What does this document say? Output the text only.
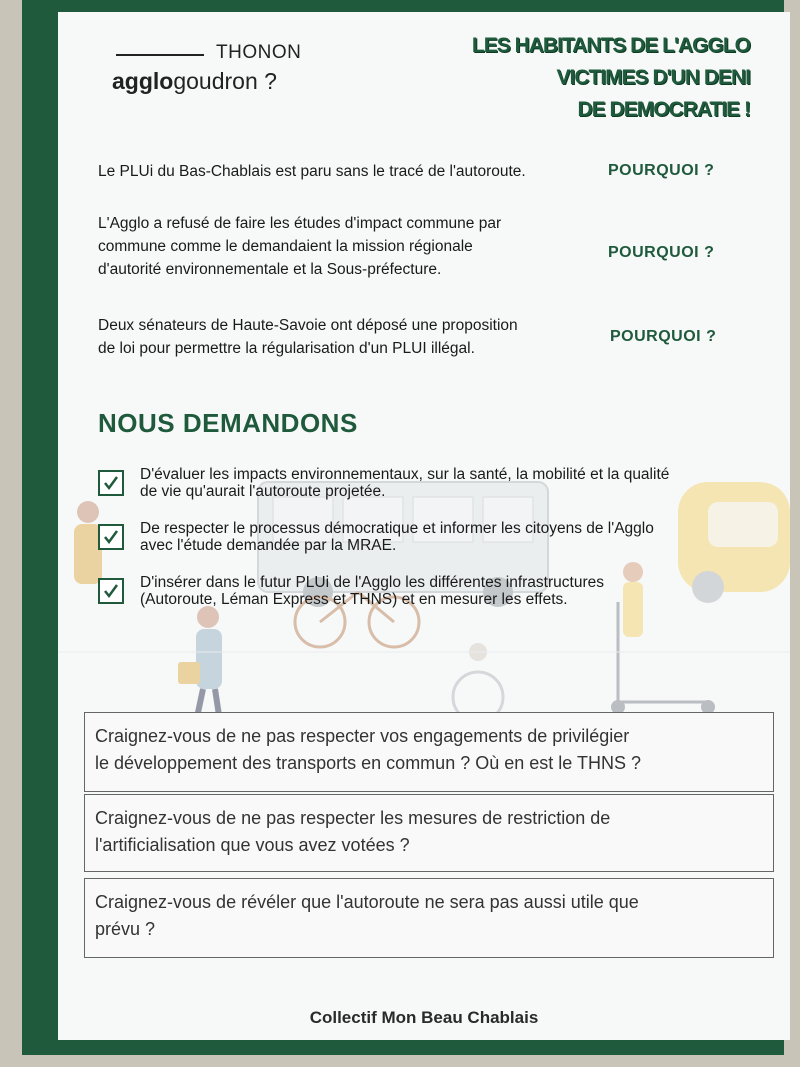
THONON
agglogoudron ?
LES HABITANTS DE L'AGGLO
VICTIMES D'UN DENI
DE DEMOCRATIE !
Le PLUi du Bas-Chablais est paru sans le tracé de l'autoroute.	POURQUOI ?
L'Agglo a refusé de faire les études d'impact commune par
commune comme le demandaient la mission régionale
d'autorité environnementale et la Sous-préfecture.
POURQUOI ?
Deux sénateurs de Haute-Savoie ont déposé une proposition
de loi pour permettre la régularisation d'un PLUI illégal.
POURQUOI ?
NOUS DEMANDONS
D'évaluer les impacts environnementaux, sur la santé, la mobilité et la qualité
de vie qu'aurait l'autoroute projetée.
De respecter le processus démocratique et informer les citoyens de l'Agglo
avec l'étude demandée par la MRAE.
D'insérer dans le futur PLUi de l'Agglo les différentes infrastructures
(Autoroute, Léman Express et THNS) et en mesurer les effets.
Craignez-vous de ne pas respecter vos engagements de privilégier
le développement des transports en commun ? Où en est le THNS ?
Craignez-vous de ne pas respecter les mesures de restriction de
l'artificialisation que vous avez votées ?
Craignez-vous de révéler que l'autoroute ne sera pas aussi utile que
prévu ?
Collectif Mon Beau Chablais
